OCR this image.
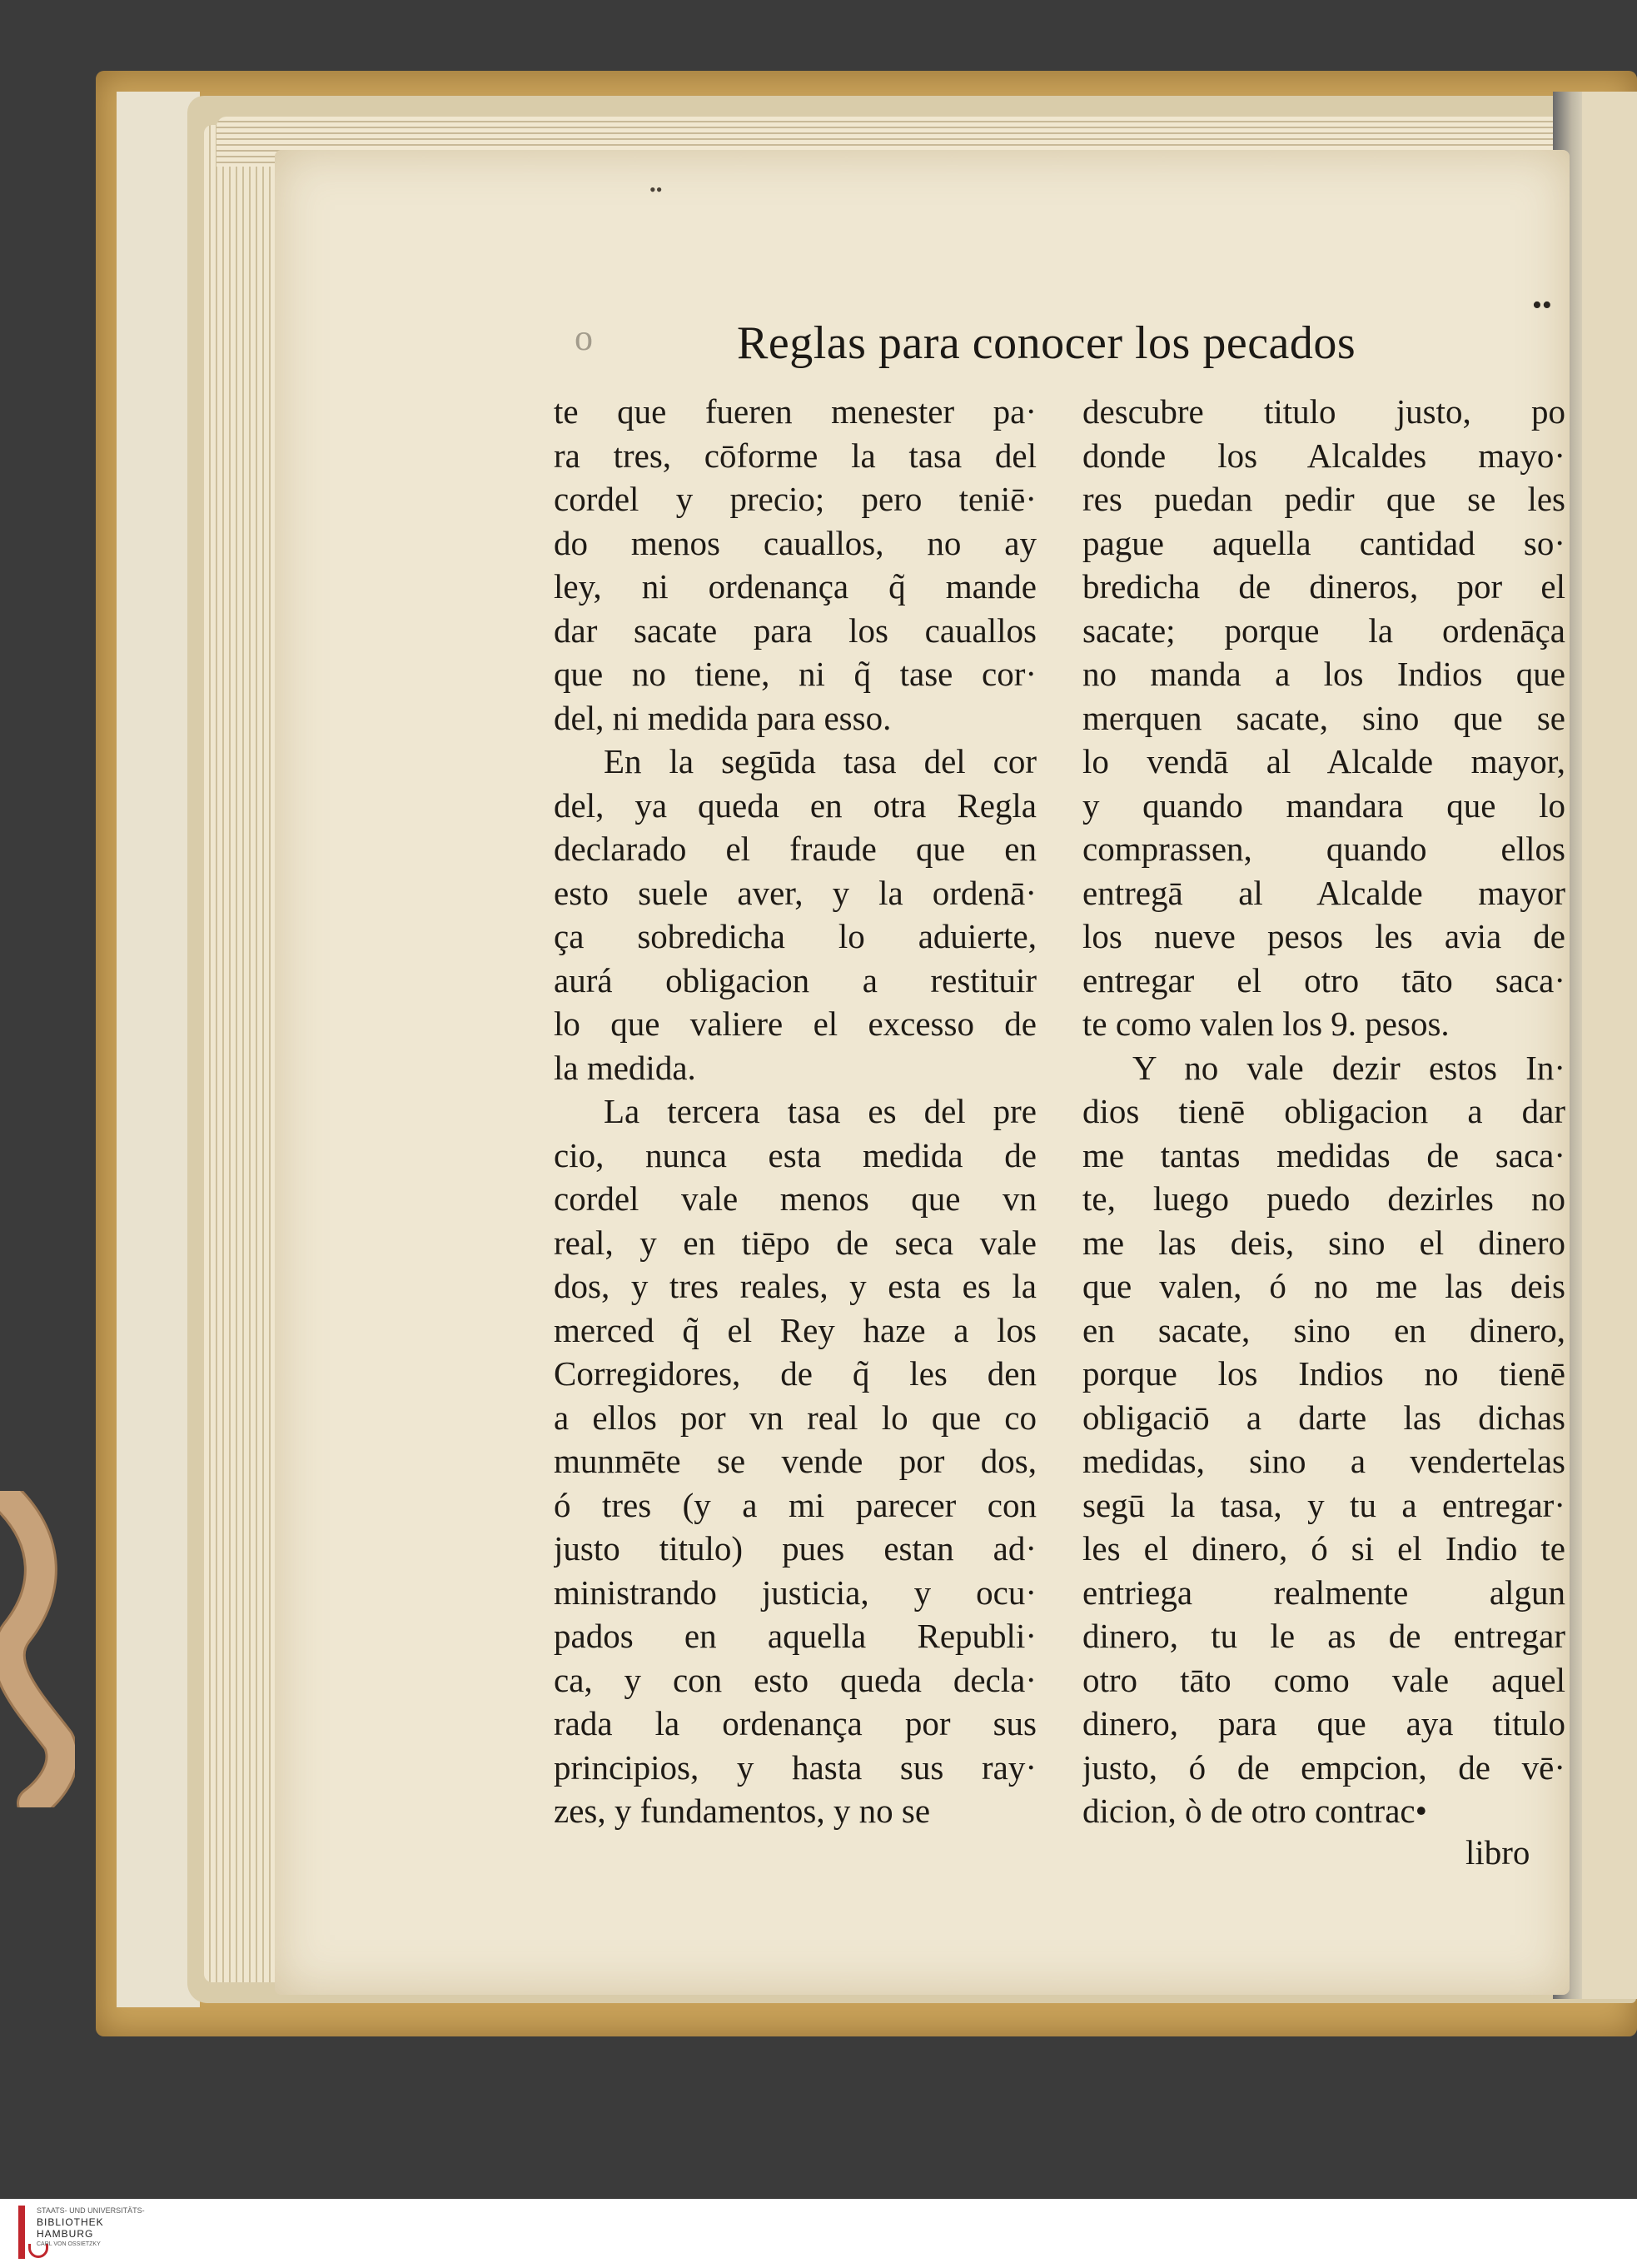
••
o	Reglas para conocer los pecados
••
te que fueren menester pa·
ra tres, cōforme la tasa del
cordel y precio; pero teniē·
do menos cauallos, no ay
ley, ni ordenança q̃ mande
dar sacate para los cauallos
que no tiene, ni q̃ tase cor·
del, ni medida para esso.
En la segūda tasa del cor
del, ya queda en otra Regla
declarado el fraude que en
esto suele aver, y la ordenā·
ça sobredicha lo aduierte,
aurá obligacion a restituir
lo que valiere el excesso de
la medida.
La tercera tasa es del pre
cio, nunca esta medida de
cordel vale menos que vn
real, y en tiēpo de seca vale
dos, y tres reales, y esta es la
merced q̃ el Rey haze a los
Corregidores, de q̃ les den
a ellos por vn real lo que co
munmēte se vende por dos,
ó tres (y a mi parecer con
justo titulo) pues estan ad·
ministrando justicia, y ocu·
pados en aquella Republi·
ca, y con esto queda decla·
rada la ordenança por sus
principios, y hasta sus ray·
zes, y fundamentos, y no se
descubre titulo justo, po
donde los Alcaldes mayo·
res puedan pedir que se les
pague aquella cantidad so·
bredicha de dineros, por el
sacate; porque la ordenāça
no manda a los Indios que
merquen sacate, sino que se
lo vendā al Alcalde mayor,
y quando mandara que lo
comprassen, quando ellos
entregā al Alcalde mayor
los nueve pesos les avia de
entregar el otro tāto saca·
te como valen los 9. pesos.
Y no vale dezir estos In·
dios tienē obligacion a dar
me tantas medidas de saca·
te, luego puedo dezirles no
me las deis, sino el dinero
que valen, ó no me las deis
en sacate, sino en dinero,
porque los Indios no tienē
obligaciō a darte las dichas
medidas, sino a vendertelas
segū la tasa, y tu a entregar·
les el dinero, ó si el Indio te
entriega realmente algun
dinero, tu le as de entregar
otro tāto como vale aquel
dinero, para que aya titulo
justo, ó de empcion, de vē·
dicion, ò de otro contrac•
libro
STAATS- UND UNIVERSITÄTS-
BIBLIOTHEK
HAMBURG
CARL VON OSSIETZKY
